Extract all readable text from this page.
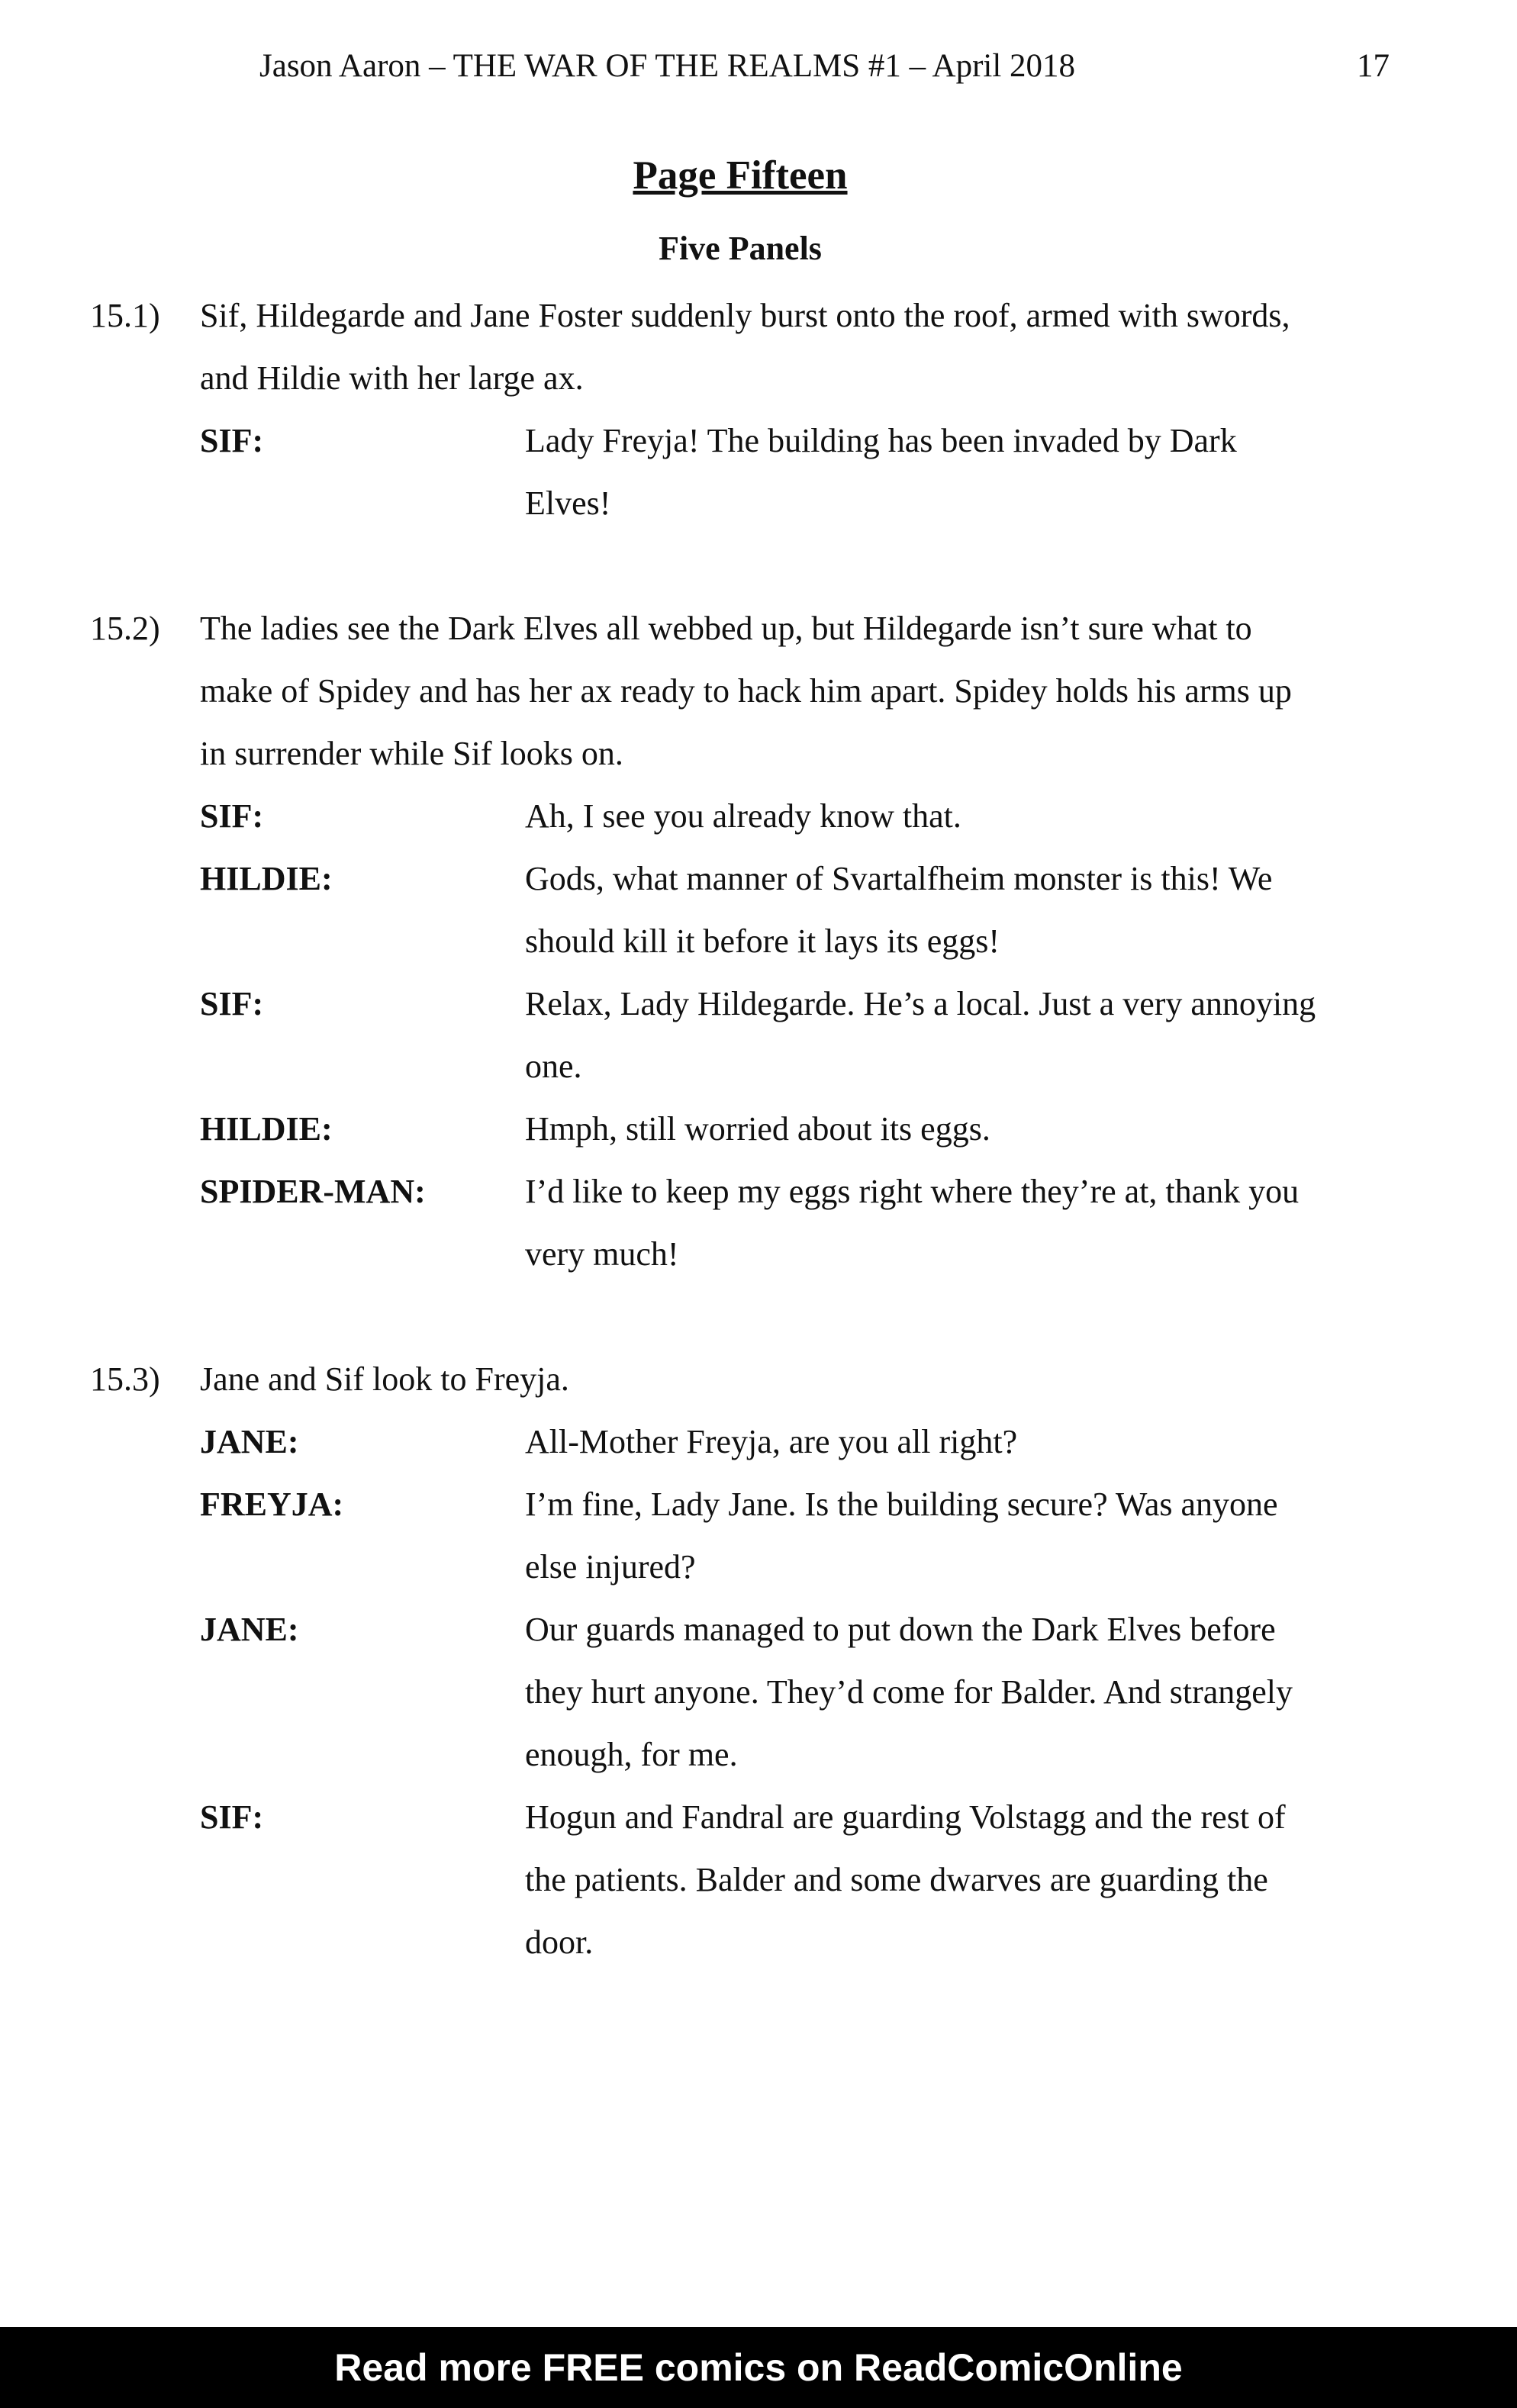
Jason Aaron – THE WAR OF THE REALMS #1 – April 2018	17
Page Fifteen
Five Panels
15.1) Sif, Hildegarde and Jane Foster suddenly burst onto the roof, armed with swords,
and Hildie with her large ax.
SIF:	Lady Freyja! The building has been invaded by Dark
Elves!
15.2) The ladies see the Dark Elves all webbed up, but Hildegarde isn’t sure what to
make of Spidey and has her ax ready to hack him apart. Spidey holds his arms up
in surrender while Sif looks on.
SIF:	Ah, I see you already know that.
HILDIE:	Gods, what manner of Svartalfheim monster is this! We
should kill it before it lays its eggs!
SIF:	Relax, Lady Hildegarde. He’s a local. Just a very annoying
one.
HILDIE:	Hmph, still worried about its eggs.
SPIDER-MAN:	I’d like to keep my eggs right where they’re at, thank you
very much!
15.3) Jane and Sif look to Freyja.
JANE:	All-Mother Freyja, are you all right?
FREYJA:	I’m fine, Lady Jane. Is the building secure? Was anyone
else injured?
JANE:	Our guards managed to put down the Dark Elves before
they hurt anyone. They’d come for Balder. And strangely
enough, for me.
SIF:	Hogun and Fandral are guarding Volstagg and the rest of
the patients. Balder and some dwarves are guarding the
door.
Read more FREE comics on ReadComicOnline
